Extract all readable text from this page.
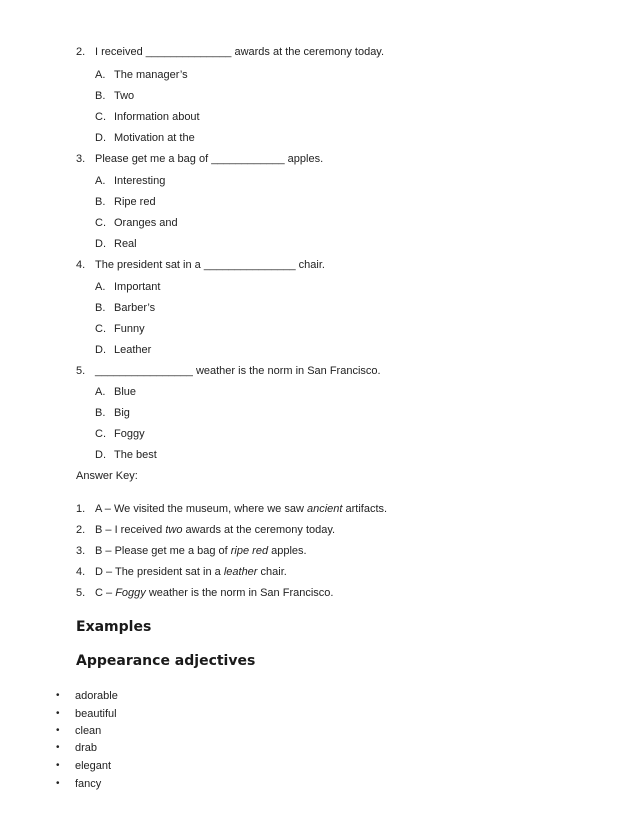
2. I received ______________ awards at the ceremony today.
A. The manager’s
B. Two
C. Information about
D. Motivation at the
3. Please get me a bag of ____________ apples.
A. Interesting
B. Ripe red
C. Oranges and
D. Real
4. The president sat in a _______________ chair.
A. Important
B. Barber’s
C. Funny
D. Leather
5. ________________ weather is the norm in San Francisco.
A. Blue
B. Big
C. Foggy
D. The best
Answer Key:
1. A – We visited the museum, where we saw ancient artifacts.
2. B – I received two awards at the ceremony today.
3. B – Please get me a bag of ripe red apples.
4. D – The president sat in a leather chair.
5. C – Foggy weather is the norm in San Francisco.
Examples
Appearance adjectives
• adorable
• beautiful
• clean
• drab
• elegant
• fancy
